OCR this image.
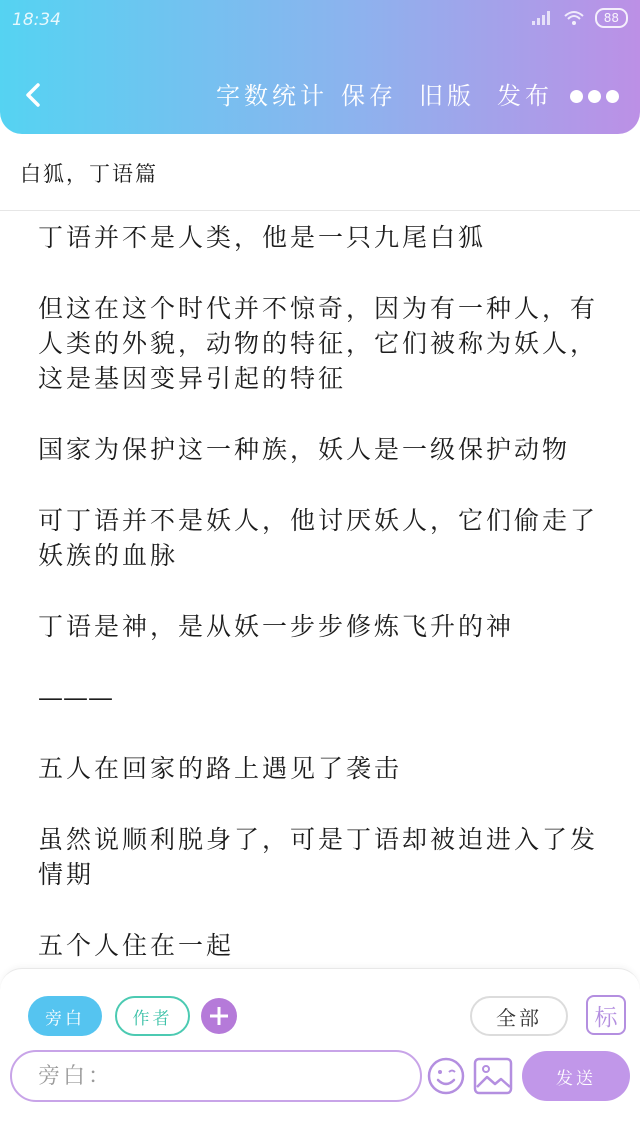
18:34	88
字数统计 保存 旧版 发布
白狐，丁语篇

丁语并不是人类，他是一只九尾白狐

但这在这个时代并不惊奇，因为有一种人，有人类的外貌，动物的特征，它们被称为妖人，这是基因变异引起的特征

国家为保护这一种族，妖人是一级保护动物

可丁语并不是妖人，他讨厌妖人，它们偷走了妖族的血脉

丁语是神，是从妖一步步修炼飞升的神

———

五人在回家的路上遇见了袭击

虽然说顺利脱身了，可是丁语却被迫进入了发情期

五个人住在一起

旁白	作者	全部	标
旁白：
发送
